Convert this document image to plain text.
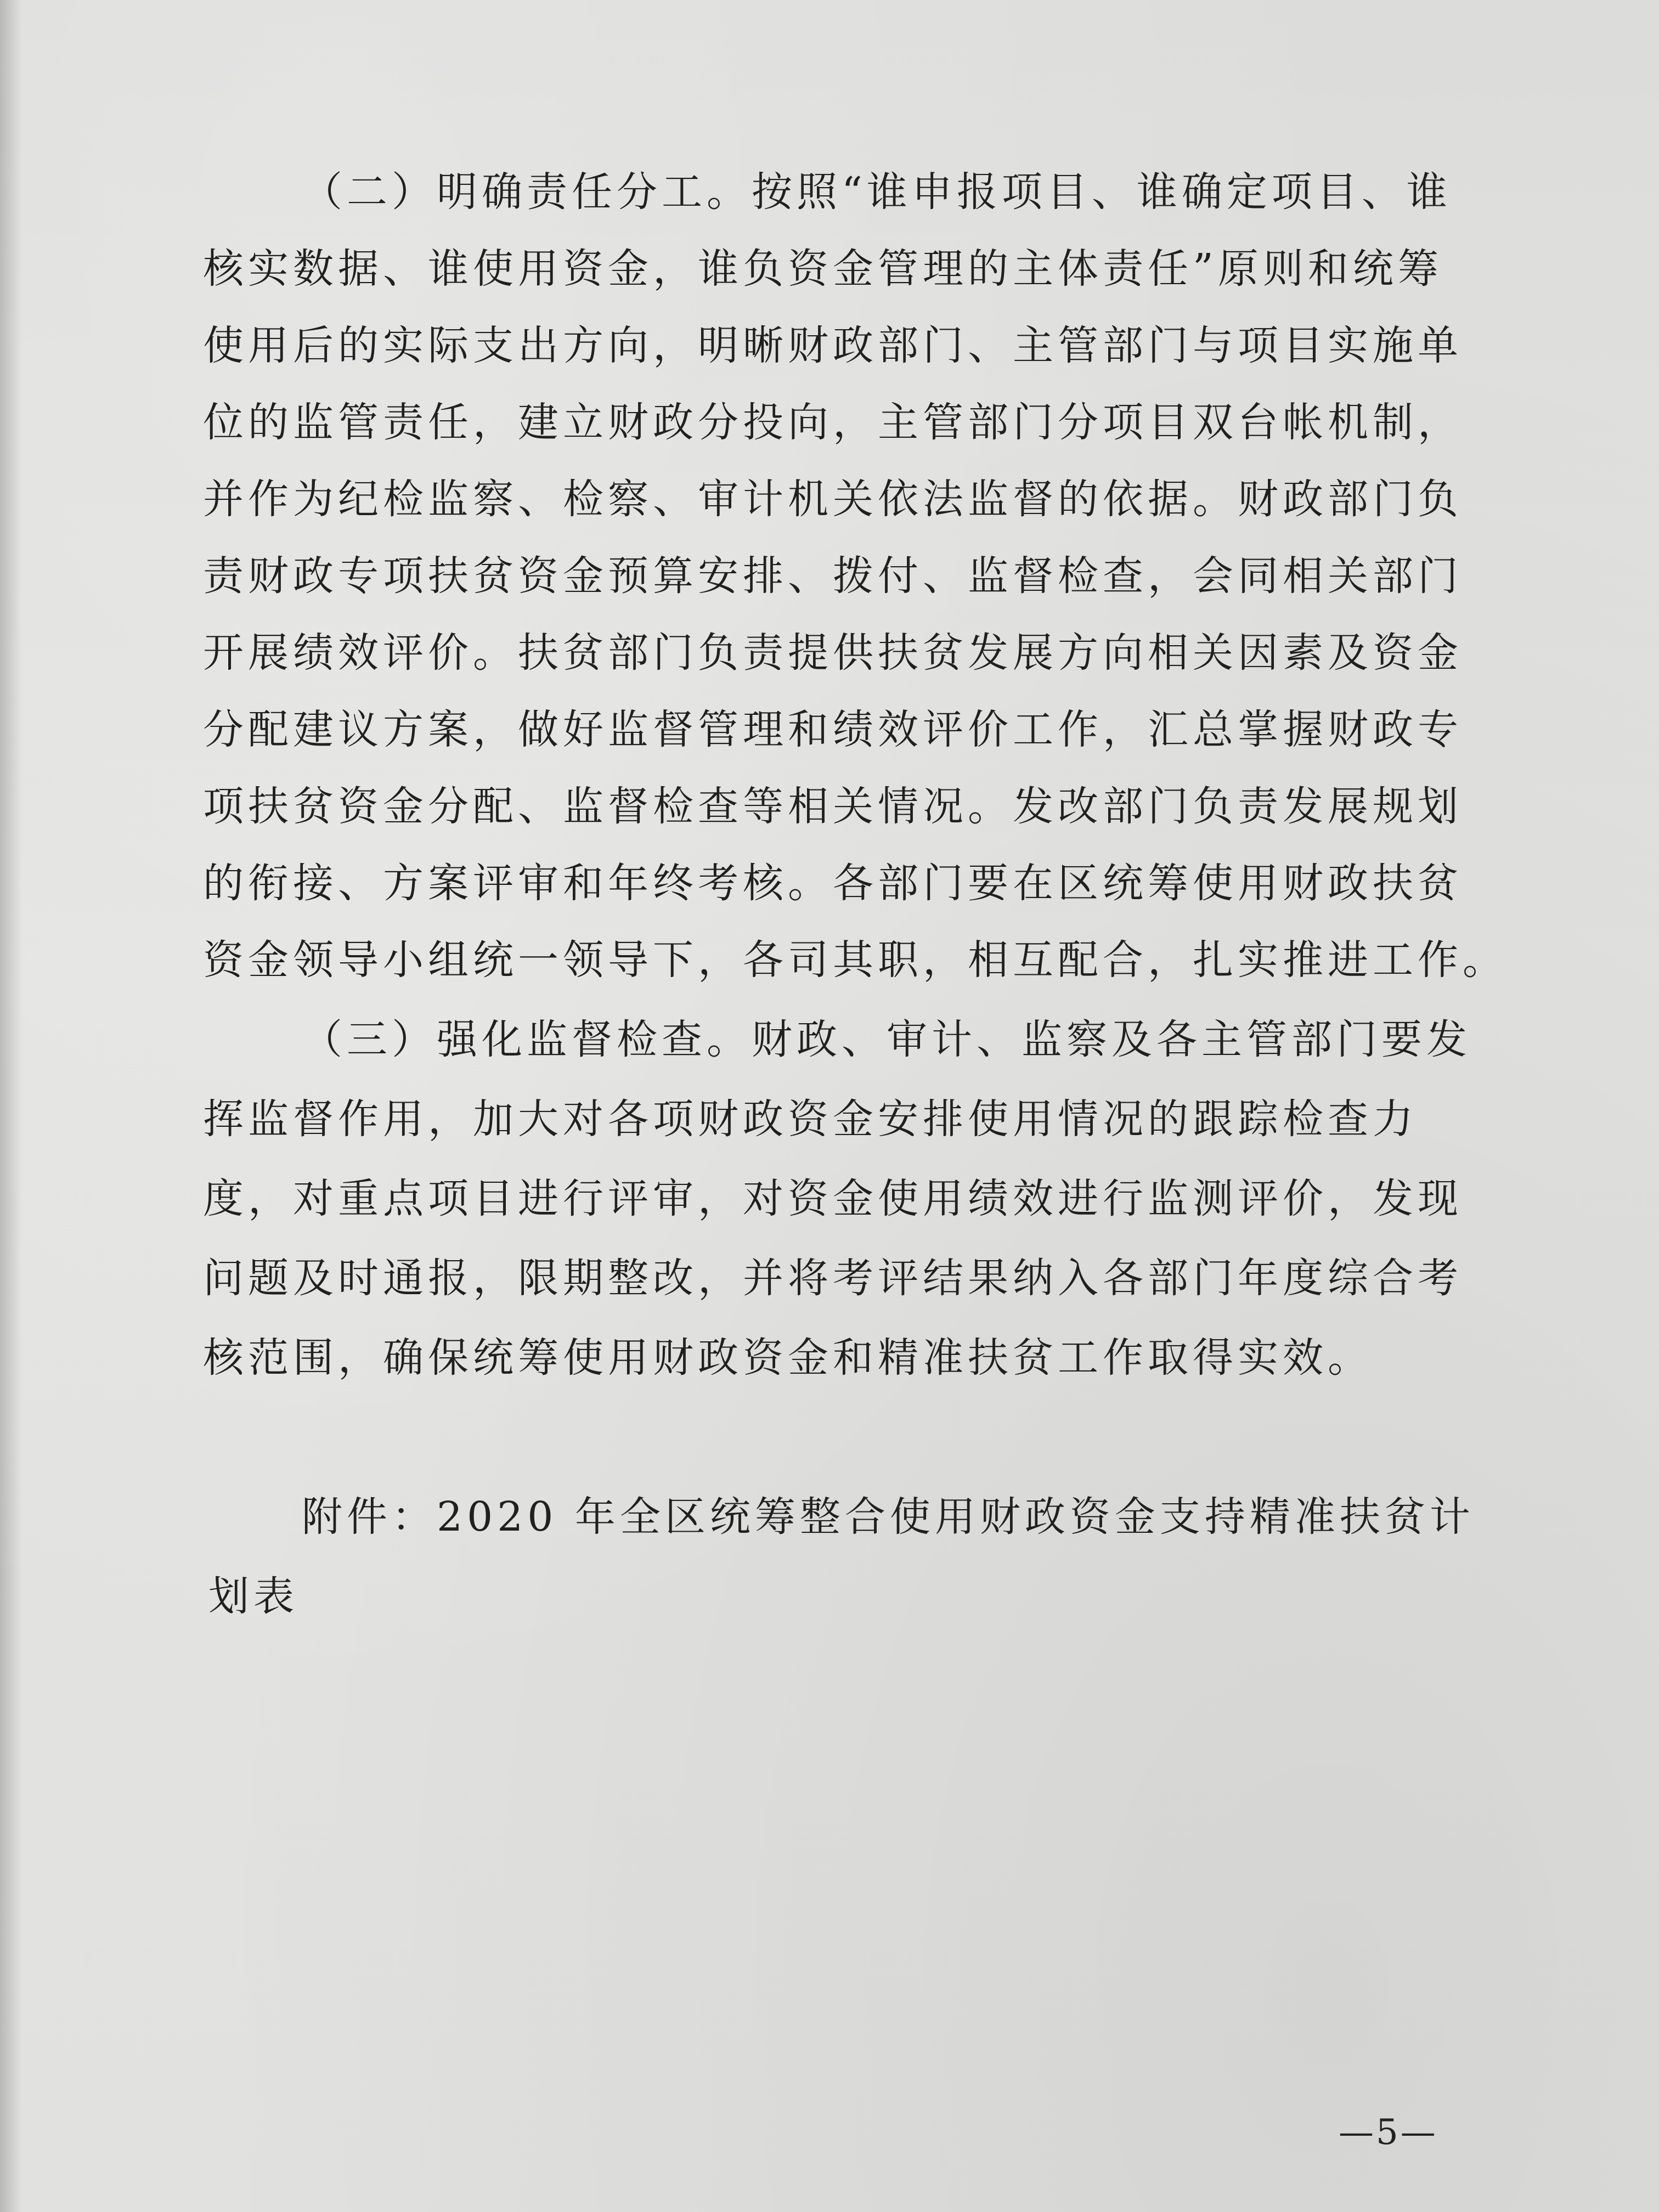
（二）明确责任分工。按照“谁申报项目、谁确定项目、谁
核实数据、谁使用资金，谁负资金管理的主体责任”原则和统筹
使用后的实际支出方向，明晰财政部门、主管部门与项目实施单
位的监管责任，建立财政分投向，主管部门分项目双台帐机制，
并作为纪检监察、检察、审计机关依法监督的依据。财政部门负
责财政专项扶贫资金预算安排、拨付、监督检查，会同相关部门
开展绩效评价。扶贫部门负责提供扶贫发展方向相关因素及资金
分配建议方案，做好监督管理和绩效评价工作，汇总掌握财政专
项扶贫资金分配、监督检查等相关情况。发改部门负责发展规划
的衔接、方案评审和年终考核。各部门要在区统筹使用财政扶贫
资金领导小组统一领导下，各司其职，相互配合，扎实推进工作。
（三）强化监督检查。财政、审计、监察及各主管部门要发
挥监督作用，加大对各项财政资金安排使用情况的跟踪检查力
度，对重点项目进行评审，对资金使用绩效进行监测评价，发现
问题及时通报，限期整改，并将考评结果纳入各部门年度综合考
核范围，确保统筹使用财政资金和精准扶贫工作取得实效。
附件：2020 年全区统筹整合使用财政资金支持精准扶贫计
划表
—5—
